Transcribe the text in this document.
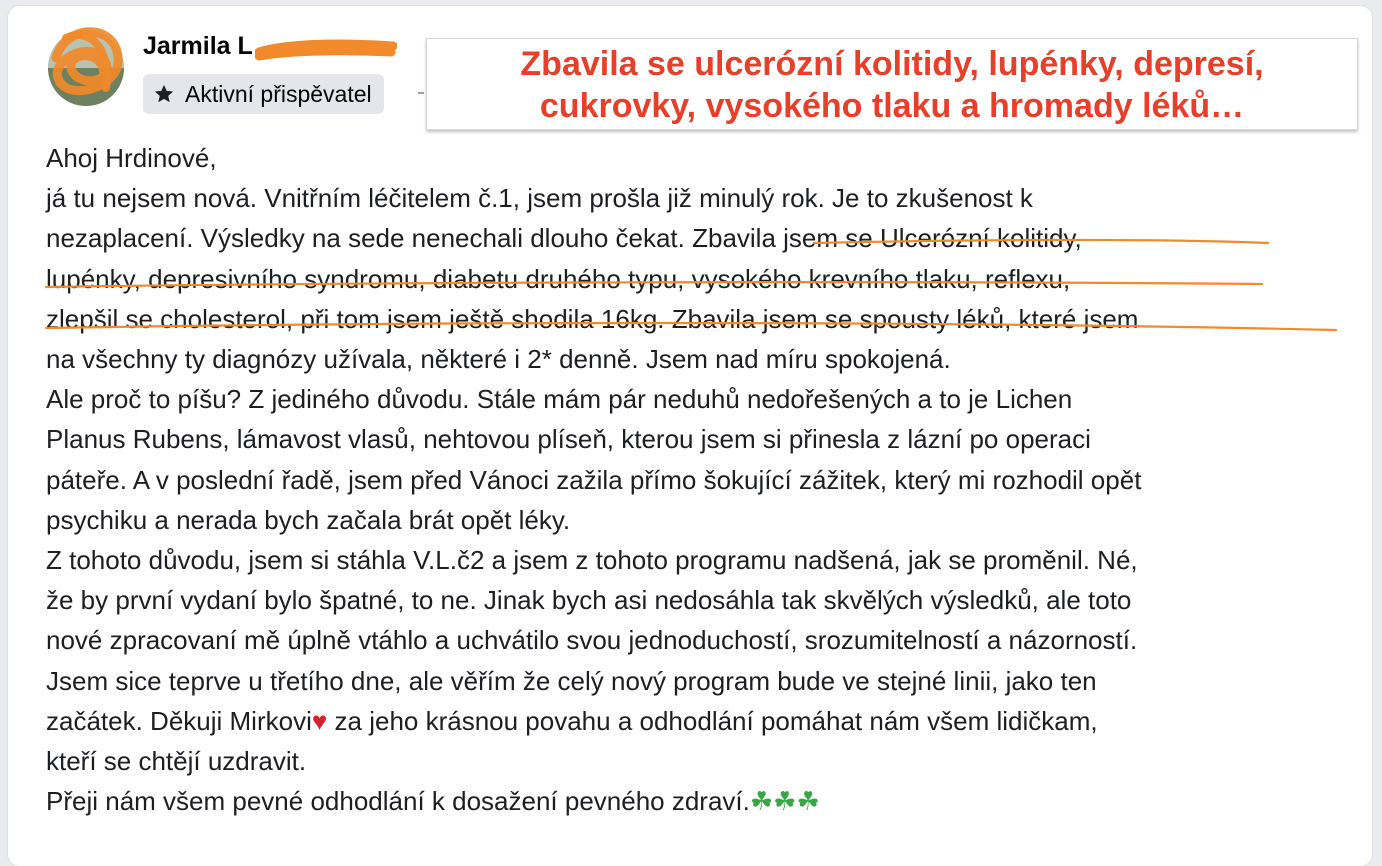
Jarmila L
Aktivní přispěvatel
Zbavila se ulcerózní kolitidy, lupénky, depresí,
cukrovky, vysokého tlaku a hromady léků…
Ahoj Hrdinové,
já tu nejsem nová. Vnitřním léčitelem č.1, jsem prošla již minulý rok. Je to zkušenost k
nezaplacení. Výsledky na sede nenechali dlouho čekat. Zbavila jsem se Ulcerózní kolitidy,
lupénky, depresivního syndromu, diabetu druhého typu, vysokého krevního tlaku, reflexu,
zlepšil se cholesterol, při tom jsem ještě shodila 16kg. Zbavila jsem se spousty léků, které jsem
na všechny ty diagnózy užívala, některé i 2* denně. Jsem nad míru spokojená.
Ale proč to píšu? Z jediného důvodu. Stále mám pár neduhů nedořešených a to je Lichen
Planus Rubens, lámavost vlasů, nehtovou plíseň, kterou jsem si přinesla z lázní po operaci
páteře. A v poslední řadě, jsem před Vánoci zažila přímo šokující zážitek, který mi rozhodil opět
psychiku a nerada bych začala brát opět léky.
Z tohoto důvodu, jsem si stáhla V.L.č2 a jsem z tohoto programu nadšená, jak se proměnil. Né,
že by první vydaní bylo špatné, to ne. Jinak bych asi nedosáhla tak skvělých výsledků, ale toto
nové zpracovaní mě úplně vtáhlo a uchvátilo svou jednoduchostí, srozumitelností a názorností.
Jsem sice teprve u třetího dne, ale věřím že celý nový program bude ve stejné linii, jako ten
začátek. Děkuji Mirkovi♥ za jeho krásnou povahu a odhodlání pomáhat nám všem lidičkam,
kteří se chtějí uzdravit.
Přeji nám všem pevné odhodlání k dosažení pevného zdraví.☘☘☘
